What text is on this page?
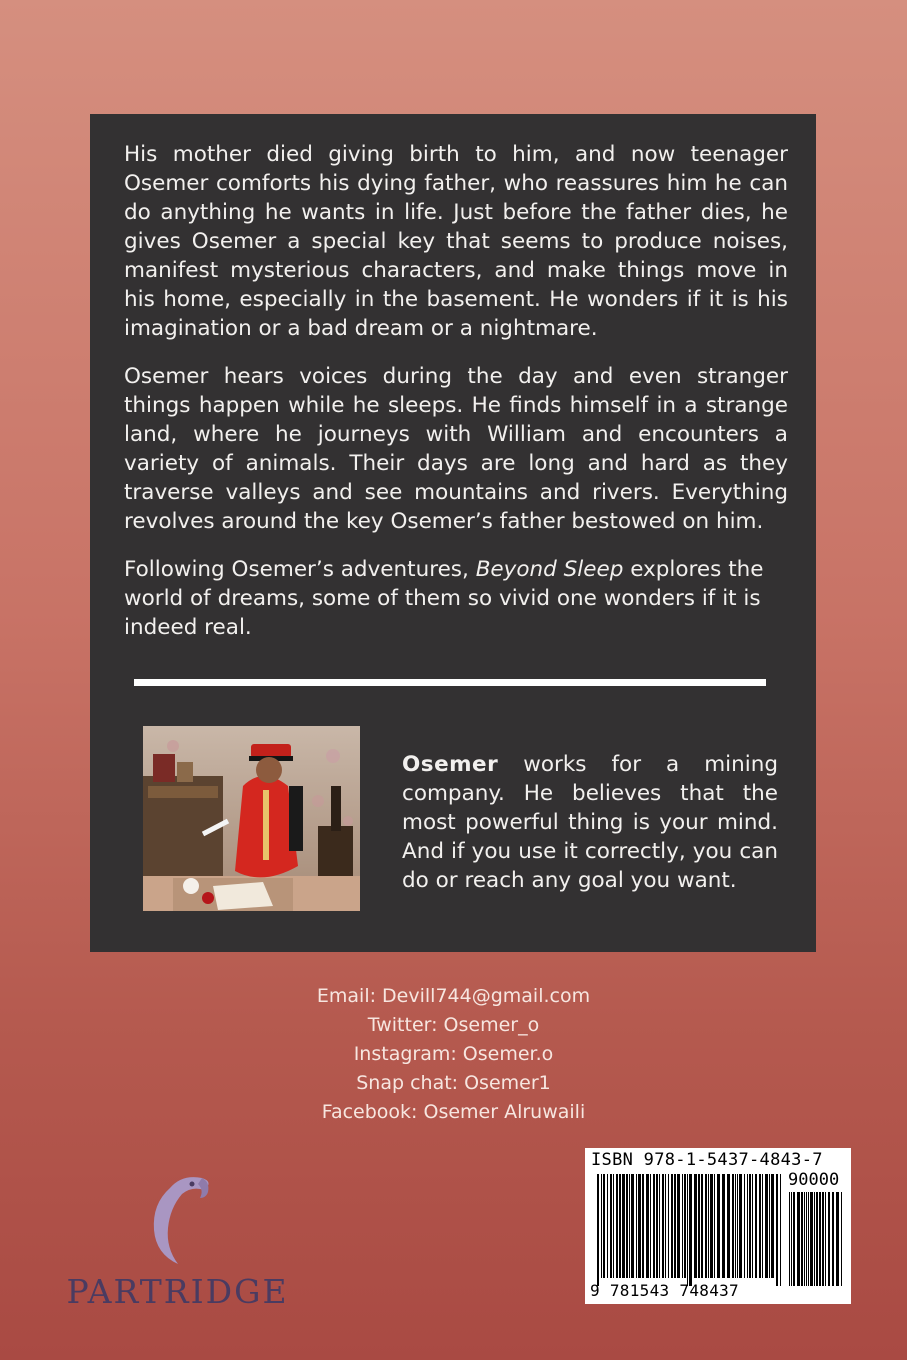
His mother died giving birth to him, and now teenager Osemer comforts his dying father, who reassures him he can do anything he wants in life. Just before the father dies, he gives Osemer a special key that seems to produce noises, manifest mysterious characters, and make things move in his home, especially in the basement. He wonders if it is his imagination or a bad dream or a nightmare.

Osemer hears voices during the day and even stranger things happen while he sleeps. He finds himself in a strange land, where he journeys with William and encounters a variety of animals. Their days are long and hard as they traverse valleys and see mountains and rivers. Everything revolves around the key Osemer’s father bestowed on him.

Following Osemer’s adventures, Beyond Sleep explores the world of dreams, some of them so vivid one wonders if it is indeed real.

Osemer works for a mining company. He believes that the most powerful thing is your mind. And if you use it correctly, you can do or reach any goal you want.
Email: Devill744@gmail.com
Twitter: Osemer_o
Instagram: Osemer.o
Snap chat: Osemer1
Facebook: Osemer Alruwaili
PARTRIDGE
ISBN 978-1-5437-4843-7
90000
9 781543 748437
